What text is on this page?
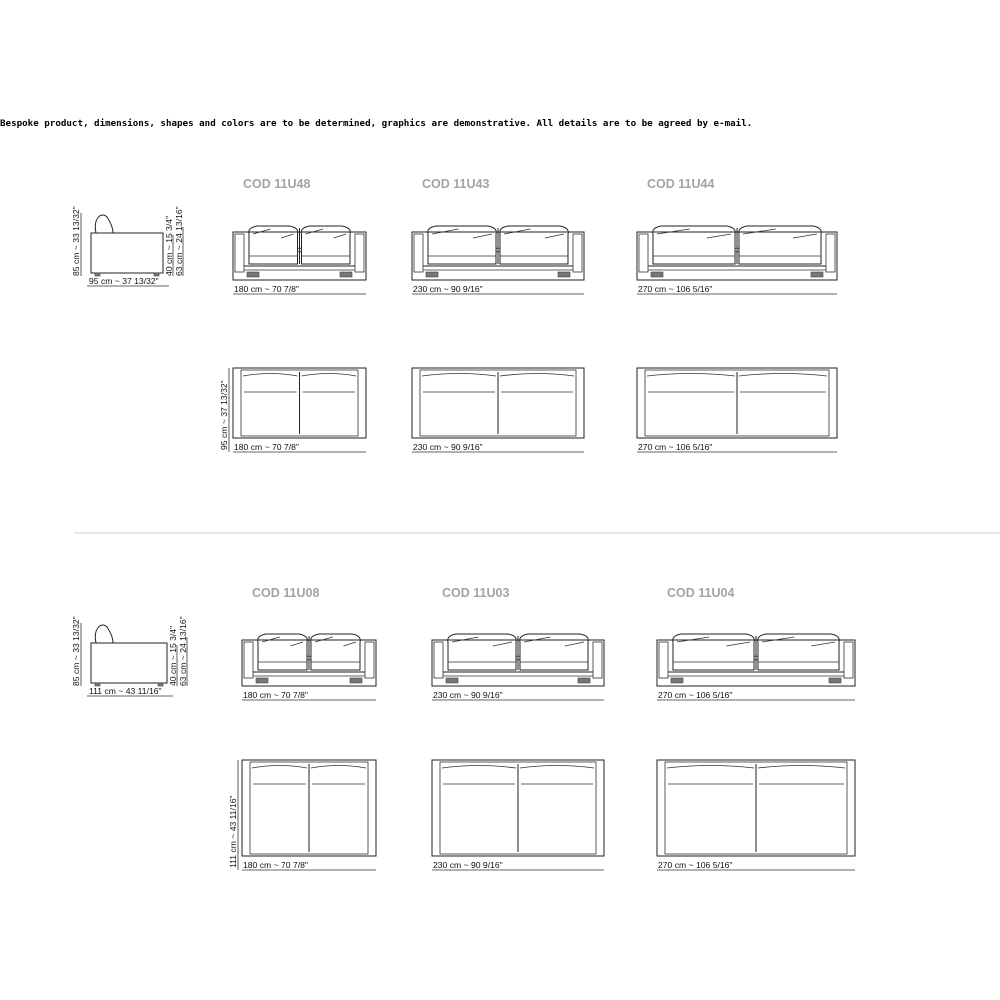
Bespoke product, dimensions, shapes and colors are to be determined, graphics are demonstrative. All details are to be agreed by e-mail.
85 cm ~ 33 13/32"	40 cm ~ 15 3/4" 63 cm ~ 24 13/16"
95 cm ~ 37 13/32"
COD 11U48
180 cm ~ 70 7/8"
180 cm ~ 70 7/8"
95 cm ~ 37 13/32"
COD 11U43
230 cm ~ 90 9/16"
230 cm ~ 90 9/16"
COD 11U44
270 cm ~ 106 5/16"
270 cm ~ 106 5/16"
85 cm ~ 33 13/32"	40 cm ~ 15 3/4" 63 cm ~ 24 13/16"
111 cm ~ 43 11/16"
COD 11U08
180 cm ~ 70 7/8"
180 cm ~ 70 7/8"
111 cm ~ 43 11/16"
COD 11U03
230 cm ~ 90 9/16"
230 cm ~ 90 9/16"
COD 11U04
270 cm ~ 106 5/16"
270 cm ~ 106 5/16"
